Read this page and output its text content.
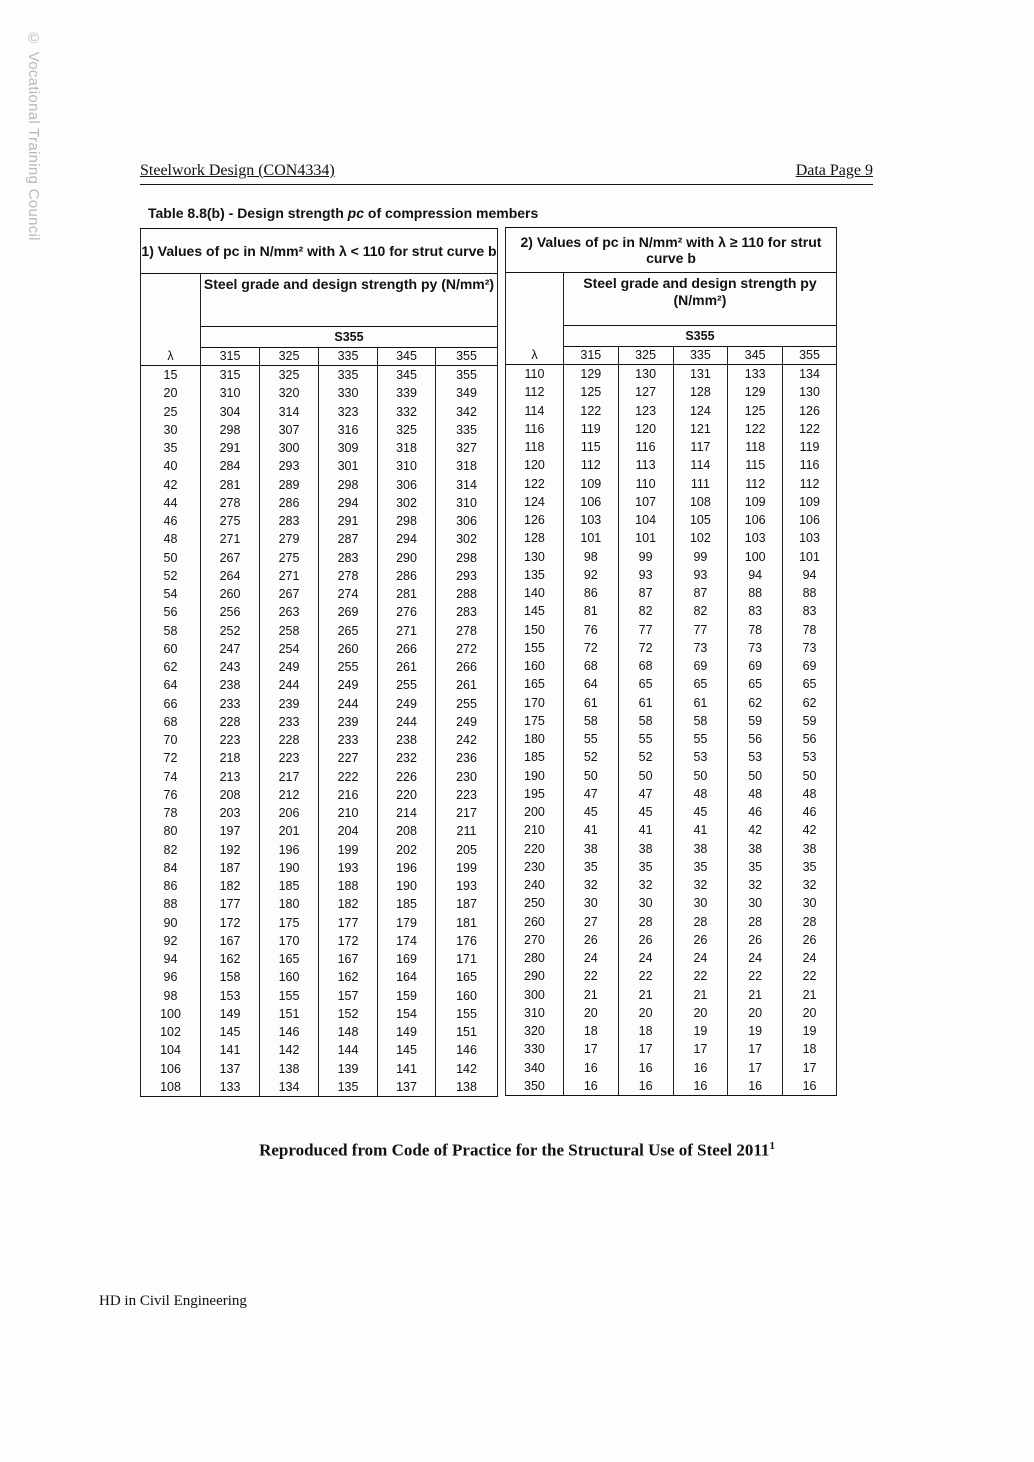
© Vocational Training Council	Steelwork Design (CON4334)	Data Page 9
Table 8.8(b) - Design strength pc of compression members
1) Values of pc in N/mm² with λ < 110 for strut curve b					
	Steel grade and design strength py (N/mm²)				
	S355				
λ	315	325	335	345	355
15	315	325	335	345	355
20	310	320	330	339	349
25	304	314	323	332	342
30	298	307	316	325	335
35	291	300	309	318	327
40	284	293	301	310	318
42	281	289	298	306	314
44	278	286	294	302	310
46	275	283	291	298	306
48	271	279	287	294	302
50	267	275	283	290	298
52	264	271	278	286	293
54	260	267	274	281	288
56	256	263	269	276	283
58	252	258	265	271	278
60	247	254	260	266	272
62	243	249	255	261	266
64	238	244	249	255	261
66	233	239	244	249	255
68	228	233	239	244	249
70	223	228	233	238	242
72	218	223	227	232	236
74	213	217	222	226	230
76	208	212	216	220	223
78	203	206	210	214	217
80	197	201	204	208	211
82	192	196	199	202	205
84	187	190	193	196	199
86	182	185	188	190	193
88	177	180	182	185	187
90	172	175	177	179	181
92	167	170	172	174	176
94	162	165	167	169	171
96	158	160	162	164	165
98	153	155	157	159	160
100	149	151	152	154	155
102	145	146	148	149	151
104	141	142	144	145	146
106	137	138	139	141	142
108	133	134	135	137	138
2) Values of pc in N/mm² with λ ≥ 110 for strut curve b					
	Steel grade and design strength py (N/mm²)				
	S355				
λ	315	325	335	345	355
110	129	130	131	133	134
112	125	127	128	129	130
114	122	123	124	125	126
116	119	120	121	122	122
118	115	116	117	118	119
120	112	113	114	115	116
122	109	110	111	112	112
124	106	107	108	109	109
126	103	104	105	106	106
128	101	101	102	103	103
130	98	99	99	100	101
135	92	93	93	94	94
140	86	87	87	88	88
145	81	82	82	83	83
150	76	77	77	78	78
155	72	72	73	73	73
160	68	68	69	69	69
165	64	65	65	65	65
170	61	61	61	62	62
175	58	58	58	59	59
180	55	55	55	56	56
185	52	52	53	53	53
190	50	50	50	50	50
195	47	47	48	48	48
200	45	45	45	46	46
210	41	41	41	42	42
220	38	38	38	38	38
230	35	35	35	35	35
240	32	32	32	32	32
250	30	30	30	30	30
260	27	28	28	28	28
270	26	26	26	26	26
280	24	24	24	24	24
290	22	22	22	22	22
300	21	21	21	21	21
310	20	20	20	20	20
320	18	18	19	19	19
330	17	17	17	17	18
340	16	16	16	17	17
350	16	16	16	16	16
Reproduced from Code of Practice for the Structural Use of Steel 2011$^1$
HD in Civil Engineering
